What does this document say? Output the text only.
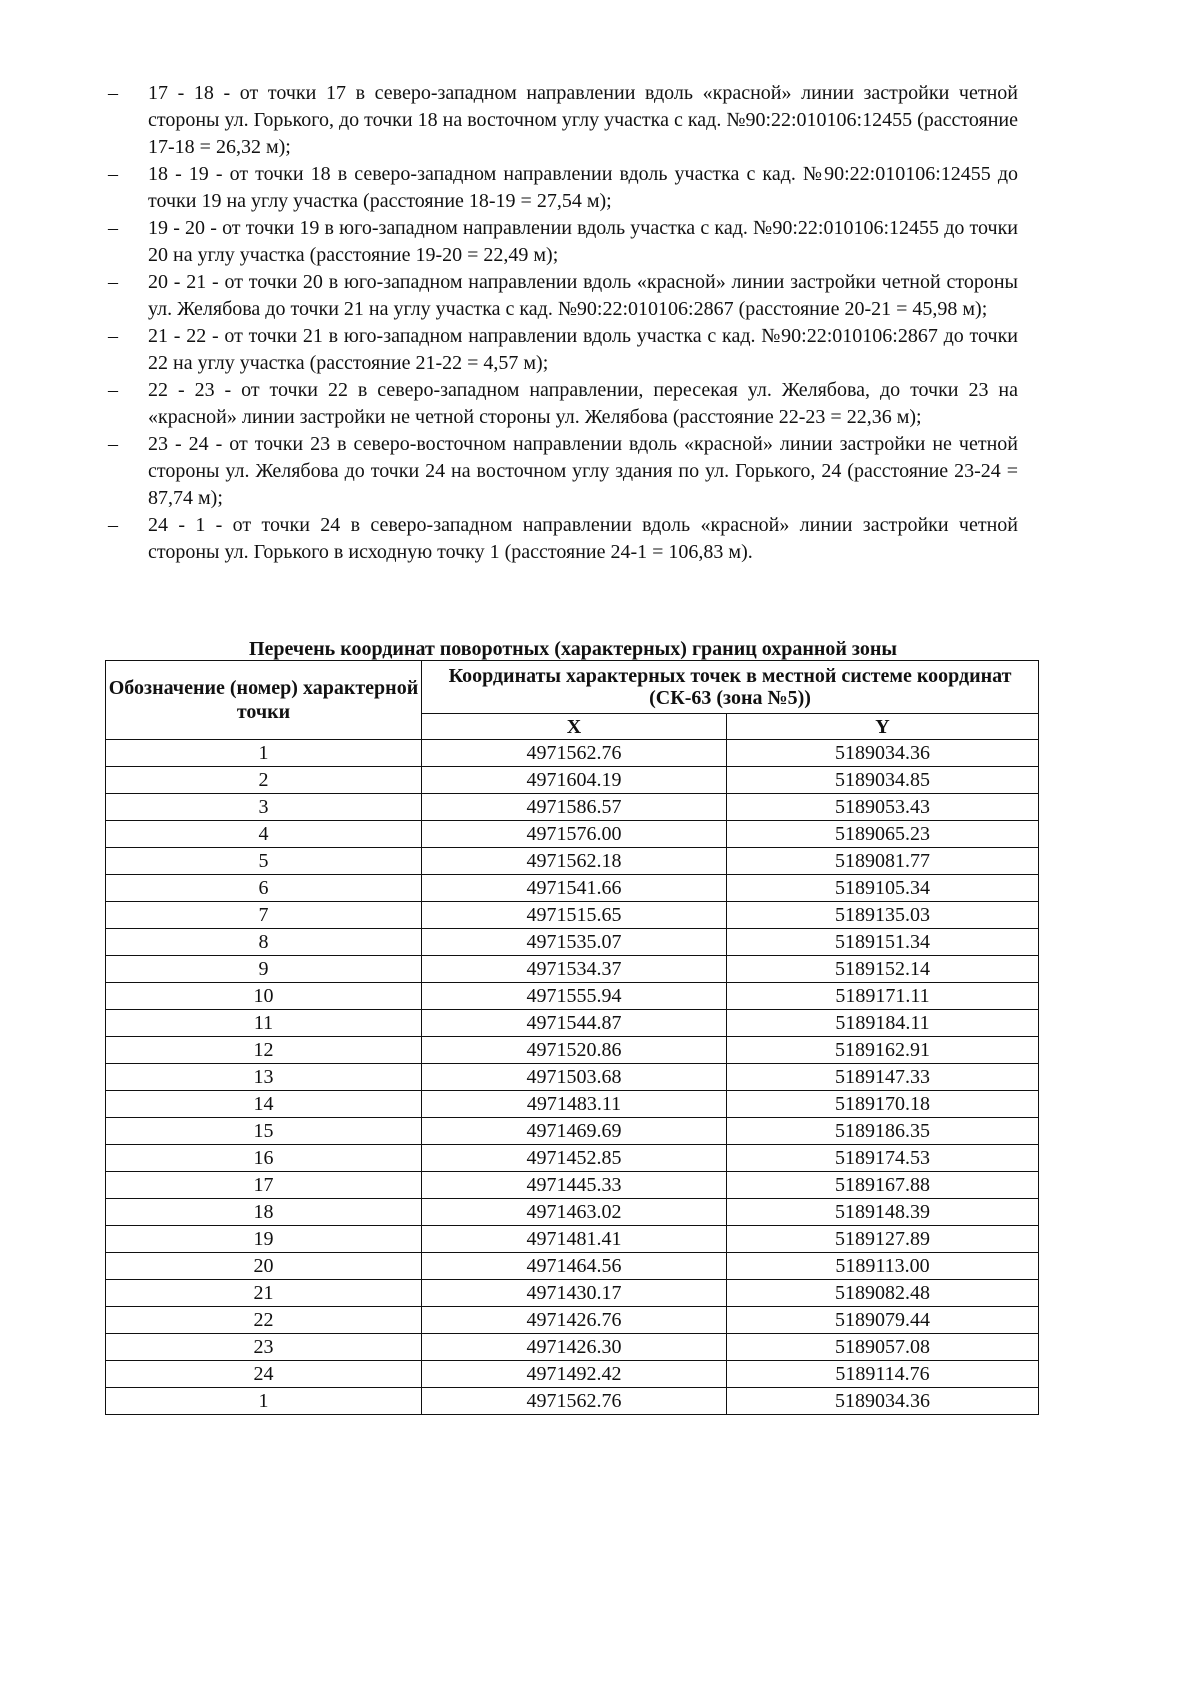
–	17 - 18 - от точки 17 в северо-западном направлении вдоль «красной» линии застройки четной стороны ул. Горького, до точки 18 на восточном углу участка с кад. №90:22:010106:12455 (расстояние 17-18 = 26,32 м);
–	18 - 19 - от точки 18 в северо-западном направлении вдоль участка с кад. №90:22:010106:12455 до точки 19 на углу участка (расстояние 18-19 = 27,54 м);
–	19 - 20 - от точки 19 в юго-западном направлении вдоль участка с кад. №90:22:010106:12455 до точки 20 на углу участка (расстояние 19-20 = 22,49 м);
–	20 - 21 - от точки 20 в юго-западном направлении вдоль «красной» линии застройки четной стороны ул. Желябова до точки 21 на углу участка с кад. №90:22:010106:2867 (расстояние 20-21 = 45,98 м);
–	21 - 22 - от точки 21 в юго-западном направлении вдоль участка с кад. №90:22:010106:2867 до точки 22 на углу участка (расстояние 21-22 = 4,57 м);
–	22 - 23 - от точки 22 в северо-западном направлении, пересекая ул. Желябова, до точки 23 на «красной» линии застройки не четной стороны ул. Желябова (расстояние 22-23 = 22,36 м);
–	23 - 24 - от точки 23 в северо-восточном направлении вдоль «красной» линии застройки не четной стороны ул. Желябова до точки 24 на восточном углу здания по ул. Горького, 24 (расстояние 23-24 = 87,74 м);
–	24 - 1 - от точки 24 в северо-западном направлении вдоль «красной» линии застройки четной стороны ул. Горького в исходную точку 1 (расстояние 24-1 = 106,83 м).
Перечень координат поворотных (характерных) границ охранной зоны
Обозначение (номер) характерной точки	Координаты характерных точек в местной системе координат (СК-63 (зона №5))	
	X	Y
1	4971562.76	5189034.36
2	4971604.19	5189034.85
3	4971586.57	5189053.43
4	4971576.00	5189065.23
5	4971562.18	5189081.77
6	4971541.66	5189105.34
7	4971515.65	5189135.03
8	4971535.07	5189151.34
9	4971534.37	5189152.14
10	4971555.94	5189171.11
11	4971544.87	5189184.11
12	4971520.86	5189162.91
13	4971503.68	5189147.33
14	4971483.11	5189170.18
15	4971469.69	5189186.35
16	4971452.85	5189174.53
17	4971445.33	5189167.88
18	4971463.02	5189148.39
19	4971481.41	5189127.89
20	4971464.56	5189113.00
21	4971430.17	5189082.48
22	4971426.76	5189079.44
23	4971426.30	5189057.08
24	4971492.42	5189114.76
1	4971562.76	5189034.36
